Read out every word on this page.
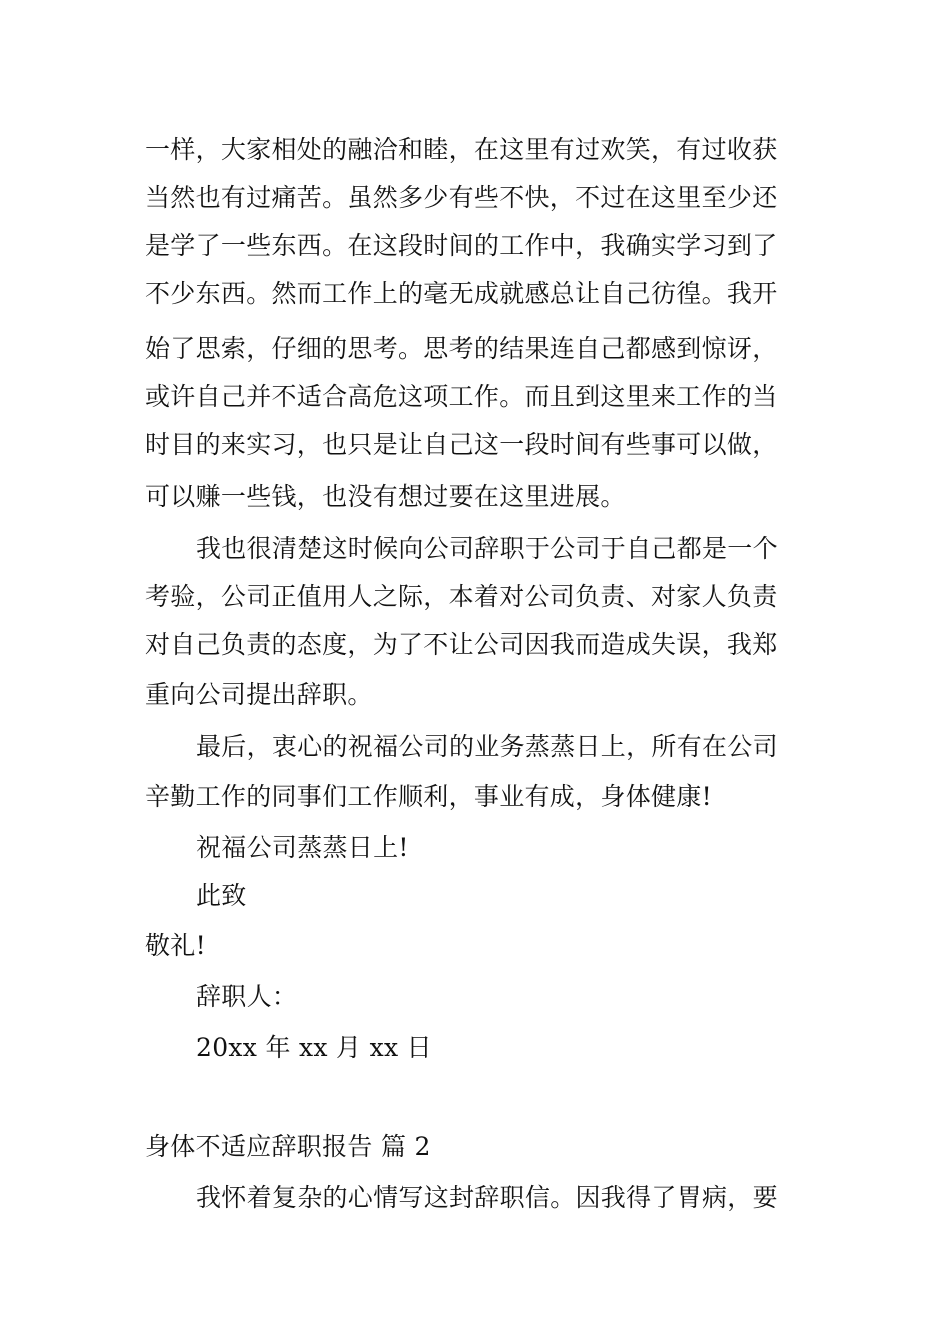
一样，大家相处的融洽和睦，在这里有过欢笑，有过收获
当然也有过痛苦。虽然多少有些不快，不过在这里至少还
是学了一些东西。在这段时间的工作中，我确实学习到了
不少东西。然而工作上的毫无成就感总让自己彷徨。我开
始了思索，仔细的思考。思考的结果连自己都感到惊讶，
或许自己并不适合高危这项工作。而且到这里来工作的当
时目的来实习，也只是让自己这一段时间有些事可以做，
可以赚一些钱，也没有想过要在这里进展。
我也很清楚这时候向公司辞职于公司于自己都是一个
考验，公司正值用人之际，本着对公司负责、对家人负责
对自己负责的态度，为了不让公司因我而造成失误，我郑
重向公司提出辞职。
最后，衷心的祝福公司的业务蒸蒸日上，所有在公司
辛勤工作的同事们工作顺利，事业有成，身体健康!
祝福公司蒸蒸日上!
此致
敬礼!
辞职人：
20xx 年 xx 月 xx 日
身体不适应辞职报告 篇 2
我怀着复杂的心情写这封辞职信。因我得了胃病，要
